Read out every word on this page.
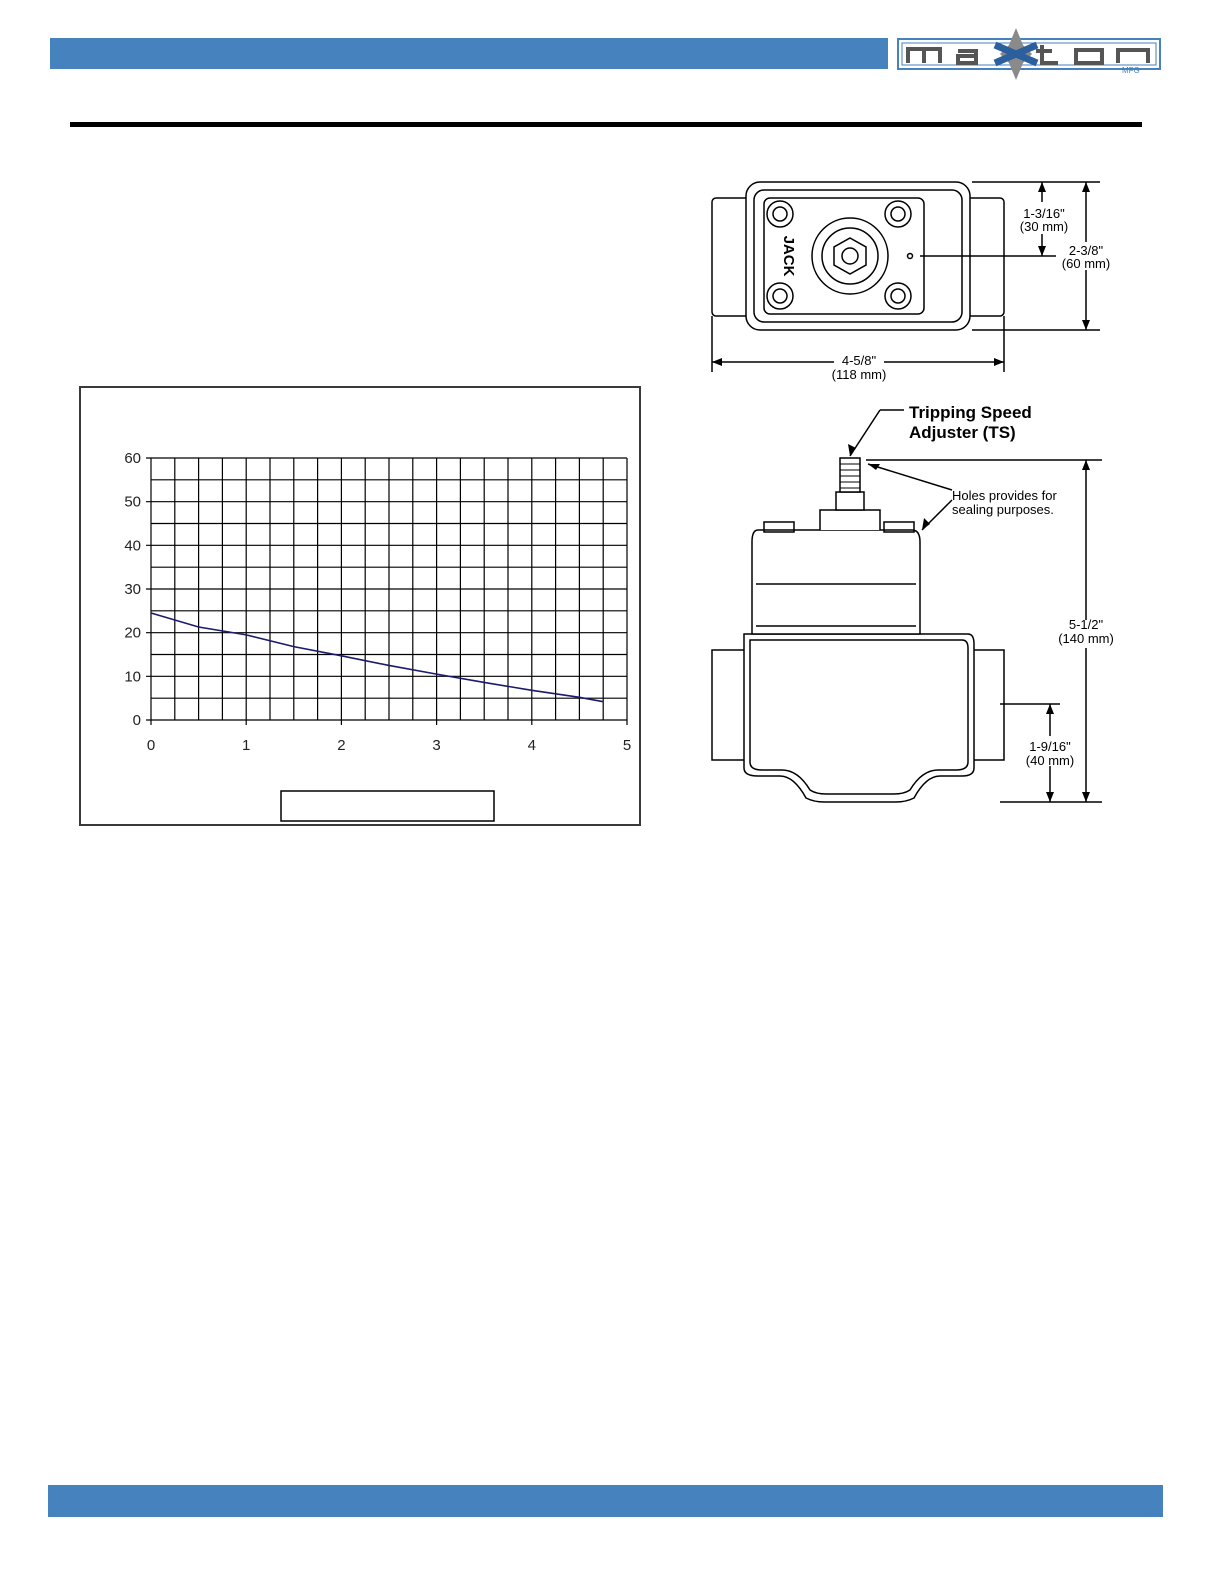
MFG
0	1	2	3	4	5
0
10
20
30
40
50
60
JACK
1-3/16"
(30 mm)
2-3/8"
(60 mm)
4-5/8"
(118 mm)
Tripping Speed
Adjuster (TS)
Holes provides for
sealing purposes.
5-1/2"
(140 mm)
1-9/16"
(40 mm)
